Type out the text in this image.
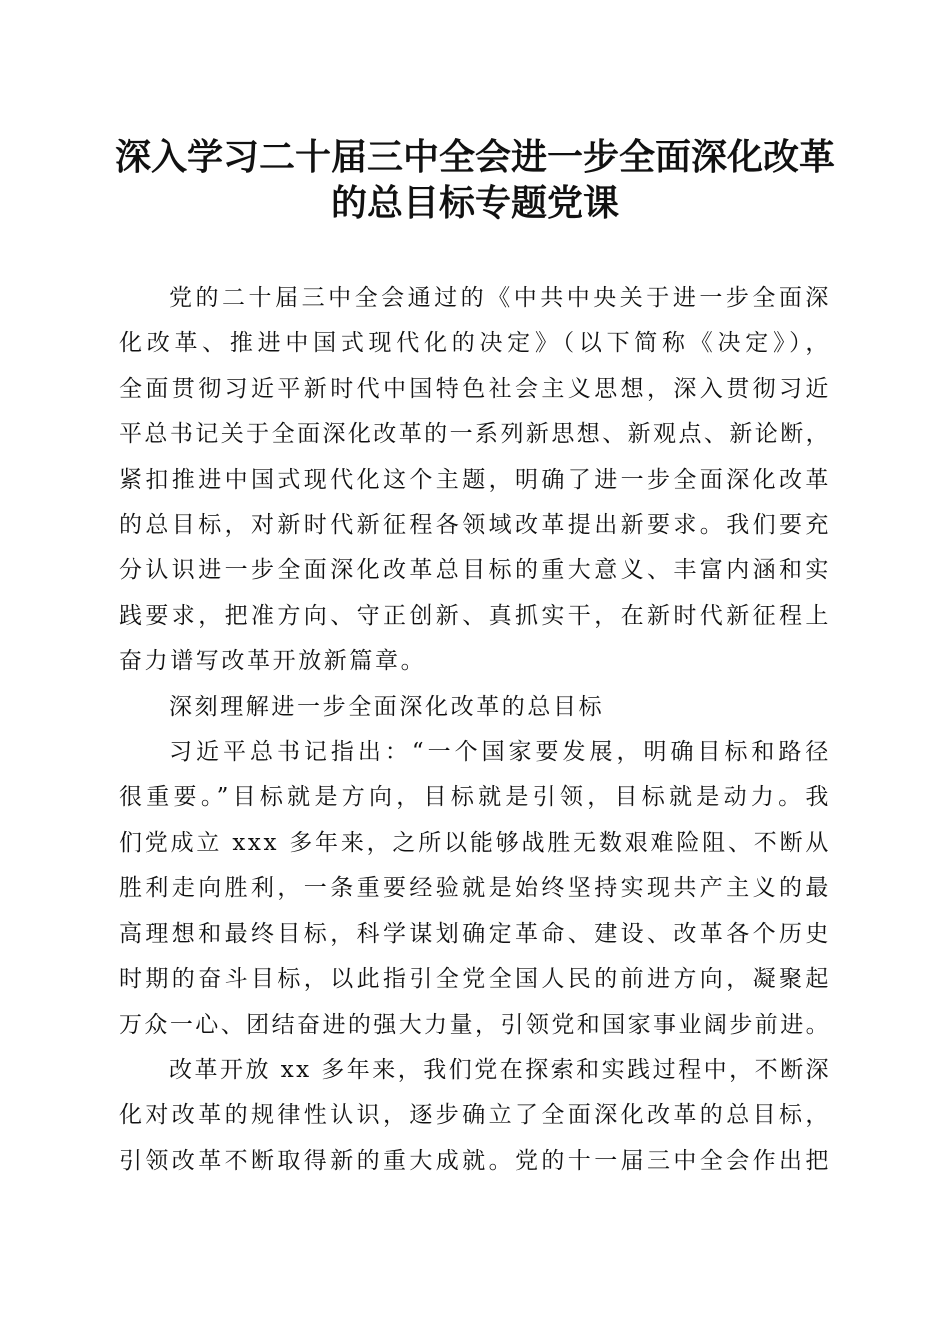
深入学习二十届三中全会进一步全面深化改革
的总目标专题党课

党的二十届三中全会通过的《中共中央关于进一步全面深
化改革、推进中国式现代化的决定》（以下简称《决定》），
全面贯彻习近平新时代中国特色社会主义思想，深入贯彻习近
平总书记关于全面深化改革的一系列新思想、新观点、新论断，
紧扣推进中国式现代化这个主题，明确了进一步全面深化改革
的总目标，对新时代新征程各领域改革提出新要求。我们要充
分认识进一步全面深化改革总目标的重大意义、丰富内涵和实
践要求，把准方向、守正创新、真抓实干，在新时代新征程上
奋力谱写改革开放新篇章。

深刻理解进一步全面深化改革的总目标

习近平总书记指出：“一个国家要发展，明确目标和路径
很重要。”目标就是方向，目标就是引领，目标就是动力。我
们党成立 xxx 多年来，之所以能够战胜无数艰难险阻、不断从
胜利走向胜利，一条重要经验就是始终坚持实现共产主义的最
高理想和最终目标，科学谋划确定革命、建设、改革各个历史
时期的奋斗目标，以此指引全党全国人民的前进方向，凝聚起
万众一心、团结奋进的强大力量，引领党和国家事业阔步前进。

改革开放 xx 多年来，我们党在探索和实践过程中，不断深
化对改革的规律性认识，逐步确立了全面深化改革的总目标，
引领改革不断取得新的重大成就。党的十一届三中全会作出把
